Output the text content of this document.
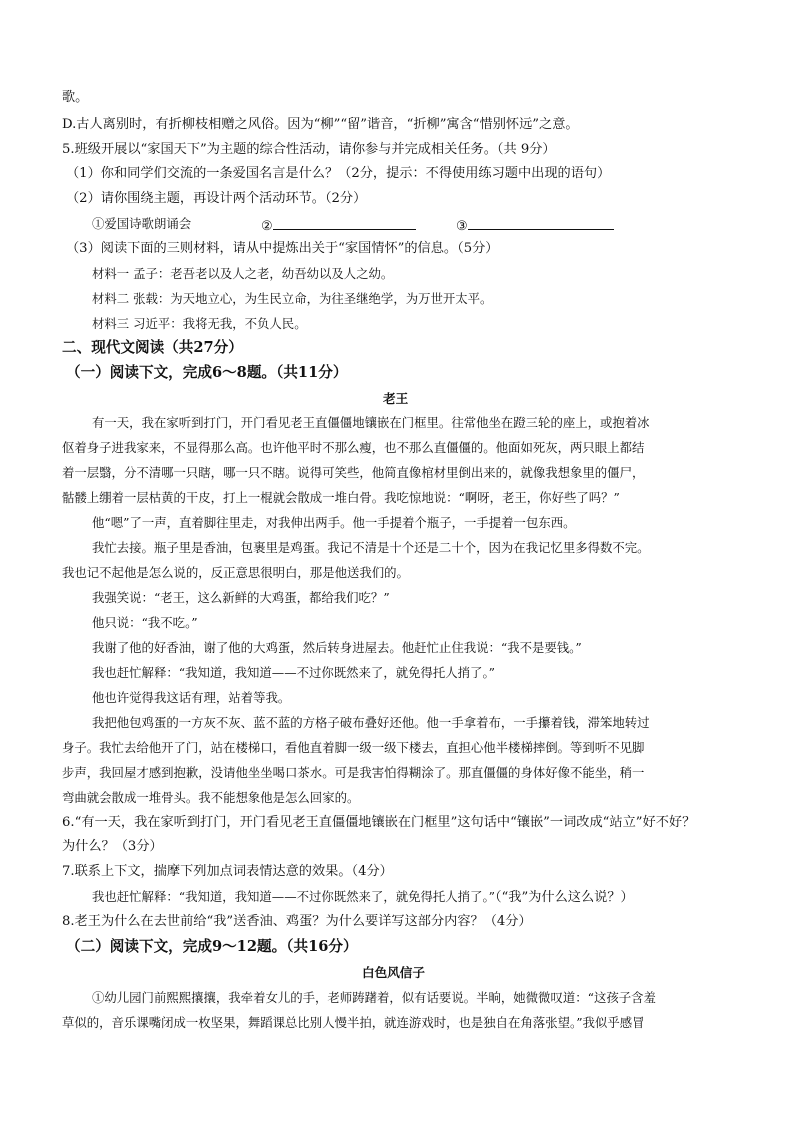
歌。
D.古人离别时，有折柳枝相赠之风俗。因为“柳”“留”谐音，“折柳”寓含“惜别怀远”之意。
5.班级开展以“家国天下”为主题的综合性活动，请你参与并完成相关任务。（共 9分）
（1）你和同学们交流的一条爱国名言是什么？（2分，提示：不得使用练习题中出现的语句）
（2）请你围绕主题，再设计两个活动环节。（2分）
①爱国诗歌朗诵会	②	③
（3）阅读下面的三则材料，请从中提炼出关于“家国情怀”的信息。（5分）
材料一 孟子：老吾老以及人之老，幼吾幼以及人之幼。
材料二 张载：为天地立心，为生民立命，为往圣继绝学，为万世开太平。
材料三 习近平：我将无我，不负人民。
二、现代文阅读（共27分）
（一）阅读下文，完成6～8题。（共11分）
老王
有一天，我在家听到打门，开门看见老王直僵僵地镶嵌在门框里。往常他坐在蹬三轮的座上，或抱着冰
伛着身子进我家来，不显得那么高。也许他平时不那么瘦，也不那么直僵僵的。他面如死灰，两只眼上都结
着一层翳，分不清哪一只瞎，哪一只不瞎。说得可笑些，他简直像棺材里倒出来的，就像我想象里的僵尸，
骷髅上绷着一层枯黄的干皮，打上一棍就会散成一堆白骨。我吃惊地说：“啊呀，老王，你好些了吗？”
他“嗯”了一声，直着脚往里走，对我伸出两手。他一手提着个瓶子，一手提着一包东西。
我忙去接。瓶子里是香油，包裹里是鸡蛋。我记不清是十个还是二十个，因为在我记忆里多得数不完。
我也记不起他是怎么说的，反正意思很明白，那是他送我们的。
我强笑说：“老王，这么新鲜的大鸡蛋，都给我们吃？”
他只说：“我不吃。”
我谢了他的好香油，谢了他的大鸡蛋，然后转身进屋去。他赶忙止住我说：“我不是要钱。”
我也赶忙解释：“我知道，我知道——不过你既然来了，就免得托人捎了。”
他也许觉得我这话有理，站着等我。
我把他包鸡蛋的一方灰不灰、蓝不蓝的方格子破布叠好还他。他一手拿着布，一手攥着钱，滞笨地转过
身子。我忙去给他开了门，站在楼梯口，看他直着脚一级一级下楼去，直担心他半楼梯摔倒。等到听不见脚
步声，我回屋才感到抱歉，没请他坐坐喝口茶水。可是我害怕得糊涂了。那直僵僵的身体好像不能坐，稍一
弯曲就会散成一堆骨头。我不能想象他是怎么回家的。
6.“有一天，我在家听到打门，开门看见老王直僵僵地镶嵌在门框里”这句话中“镶嵌”一词改成“站立”好不好？
为什么？（3分）
7.联系上下文，揣摩下列加点词表情达意的效果。（4分）
我也赶忙解释：“我知道，我知道——不过你既然来了，就免得托人捎了。”（“我”为什么这么说？）
8.老王为什么在去世前给“我”送香油、鸡蛋？为什么要详写这部分内容？（4分）
（二）阅读下文，完成9～12题。（共16分）
白色风信子
①幼儿园门前熙熙攘攘，我牵着女儿的手，老师踌躇着，似有话要说。半晌，她微微叹道：“这孩子含羞
草似的，音乐课嘴闭成一枚坚果，舞蹈课总比别人慢半拍，就连游戏时，也是独自在角落张望。”我似乎感冒
